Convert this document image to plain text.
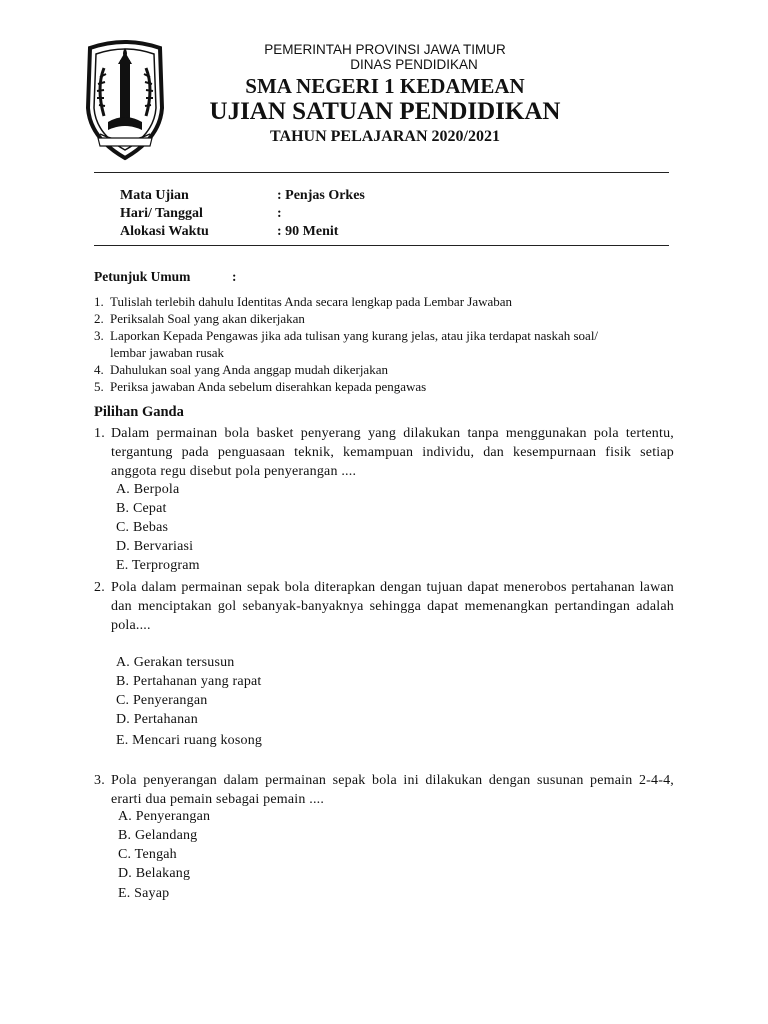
PEMERINTAH PROVINSI JAWA TIMUR
DINAS PENDIDIKAN
SMA NEGERI 1 KEDAMEAN
UJIAN SATUAN PENDIDIKAN
TAHUN PELAJARAN 2020/2021
Mata Ujian	: Penjas Orkes
Hari/ Tanggal	:
Alokasi Waktu	: 90 Menit
Petunjuk Umum	:
1. Tulislah terlebih dahulu Identitas Anda secara lengkap pada Lembar Jawaban
2. Periksalah Soal yang akan dikerjakan
3. Laporkan Kepada Pengawas jika ada tulisan yang kurang jelas, atau jika terdapat naskah soal/
lembar jawaban rusak
4. Dahulukan soal yang Anda anggap mudah dikerjakan
5. Periksa jawaban Anda sebelum diserahkan kepada pengawas
Pilihan Ganda
1. Dalam permainan bola basket penyerang yang dilakukan tanpa menggunakan pola tertentu, tergantung pada penguasaan teknik, kemampuan individu, dan kesempurnaan fisik setiap anggota regu disebut pola penyerangan ....
A. Berpola
B. Cepat
C. Bebas
D. Bervariasi
E. Terprogram
2. Pola dalam permainan sepak bola diterapkan dengan tujuan dapat menerobos pertahanan lawan dan menciptakan gol sebanyak-banyaknya sehingga dapat memenangkan pertandingan adalah pola....
A. Gerakan tersusun
B. Pertahanan yang rapat
C. Penyerangan
D. Pertahanan
E. Mencari ruang kosong
3. Pola penyerangan dalam permainan sepak bola ini dilakukan dengan susunan pemain 2-4-4, erarti dua pemain sebagai pemain ....
A. Penyerangan
B. Gelandang
C. Tengah
D. Belakang
E. Sayap
